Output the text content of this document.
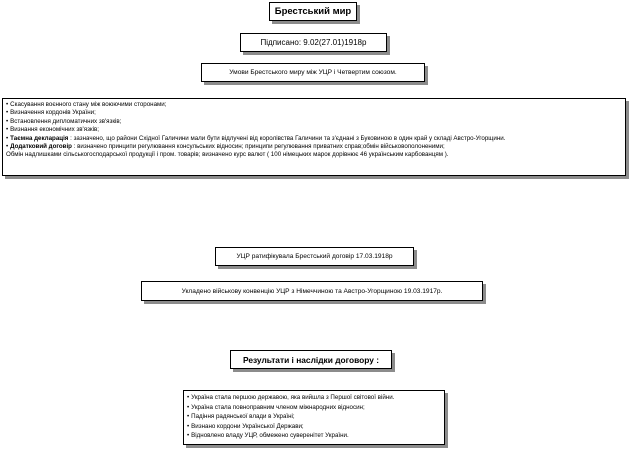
Брестський мир
Підписано: 9.02(27.01)1918р
Умови Брестського миру між УЦР і Четвертим союзом.
• Скасування воєнного стану між воюючими сторонами;
• Визначення кордонів України;
• Встановлення дипломатичних зв'язків;
• Визнання економічних зв'язків;
• Таємна декларація : зазначено, що райони Східної Галичини мали бути відлучені від королівства Галичини та з'єднані з Буковиною в один край у складі Австро-Угорщини.
• Додатковий договір : визначено принципи регулювання консульських відносин; принципи регулювання приватних справ;обмін військовополоненими;
Обмін надлишками сільськогосподарської продукції і пром. товарів; визначено курс валют ( 100 німецьких марок дорівнює 46 українським карбованцям ).
УЦР ратифікувала Брестський договір 17.03.1918р
Укладено військову конвенцію УЦР з Німеччиною та Австро-Угорщиною 19.03.1917р.
Результати і наслідки договору :
• Україна стала першою державою, яка вийшла з Першої світової війни.
• Україна стала повноправним членом міжнародних відносин;
• Падіння радянської влади в Україні;
• Визнано кордони Української Держави;
• Відновлено владу УЦР, обмежено суверенітет України.
